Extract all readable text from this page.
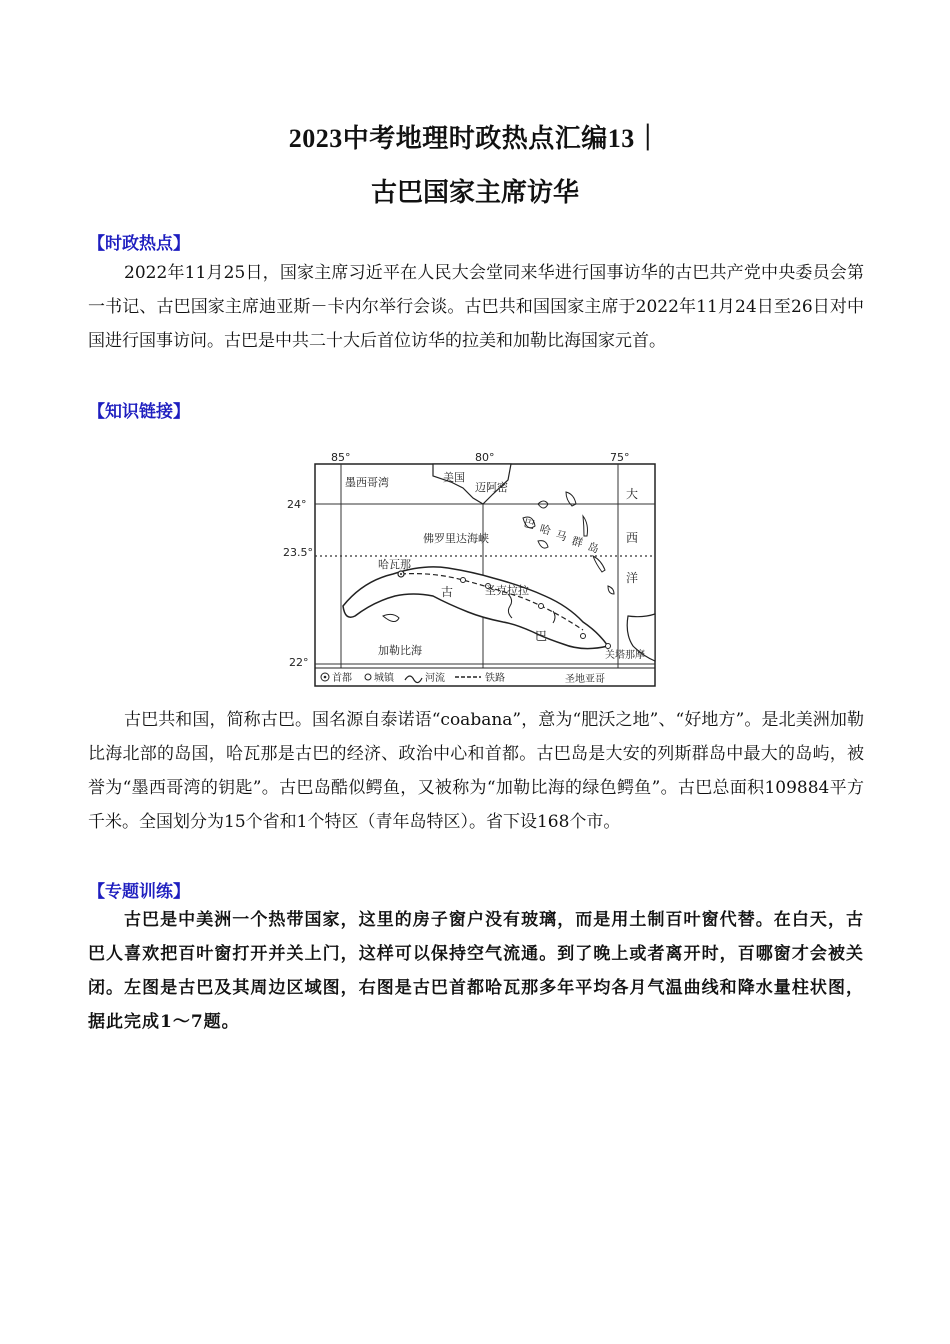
2023中考地理时政热点汇编13｜
古巴国家主席访华
【时政热点】
2022年11月25日，国家主席习近平在人民大会堂同来华进行国事访华的古巴共产党中央委员会第一书记、古巴国家主席迪亚斯－卡内尔举行会谈。古巴共和国国家主席于2022年11月24日至26日对中国进行国事访问。古巴是中共二十大后首位访华的拉美和加勒比海国家元首。
【知识链接】
85°	80°	75°
24°
23.5°
22°
墨西哥湾	美国
迈阿密
佛罗里达海峡
巴 哈 马 群 岛
哈瓦那
古
巴
圣克拉拉
加勒比海	关塔那摩
圣地亚哥
大
西
洋
首都 城镇	河流	铁路
古巴共和国，简称古巴。国名源自泰诺语“coabana”，意为“肥沃之地”、“好地方”。是北美洲加勒比海北部的岛国，哈瓦那是古巴的经济、政治中心和首都。古巴岛是大安的列斯群岛中最大的岛屿，被誉为“墨西哥湾的钥匙”。古巴岛酷似鳄鱼，又被称为“加勒比海的绿色鳄鱼”。古巴总面积109884平方千米。全国划分为15个省和1个特区（青年岛特区）。省下设168个市。
【专题训练】
古巴是中美洲一个热带国家，这里的房子窗户没有玻璃，而是用土制百叶窗代替。在白天，古巴人喜欢把百叶窗打开并关上门，这样可以保持空气流通。到了晚上或者离开时，百哪窗才会被关闭。左图是古巴及其周边区域图，右图是古巴首都哈瓦那多年平均各月气温曲线和降水量柱状图，据此完成1～7题。
